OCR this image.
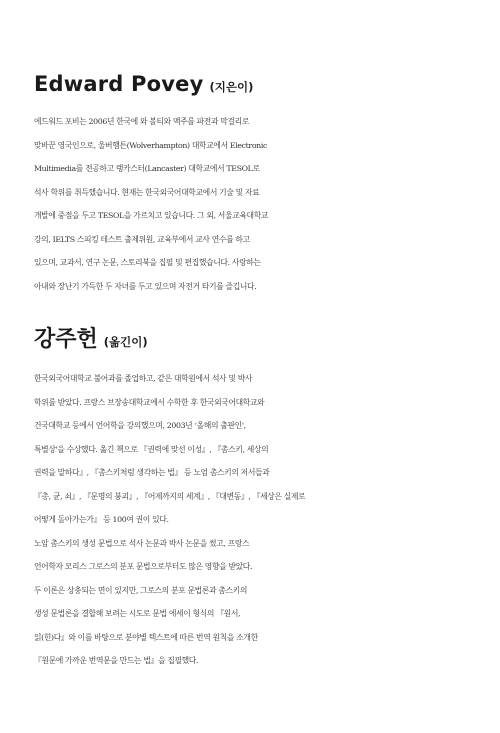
Edward Povey (지은이)
에드워드 포비는 2006년 한국에 와 볼티와 맥주를 파전과 막걸리로
맞바꾼 영국인으로, 울버햄튼(Wolverhampton) 대학교에서 Electronic
Multimedia를 전공하고 랭카스터(Lancaster) 대학교에서 TESOL로
석사 학위를 취득했습니다. 현재는 한국외국어대학교에서 기술 및 자료
개발에 중점을 두고 TESOL을 가르치고 있습니다. 그 외, 서울교육대학교
강의, IELTS 스피킹 테스트 출제위원, 교육부에서 교사 연수를 하고
있으며, 교과서, 연구 논문, 스토리북을 집필 및 편집했습니다. 사랑하는
아내와 장난기 가득한 두 자녀를 두고 있으며 자전거 타기를 즐깁니다.
강주헌 (옮긴이)
한국외국어대학교 불어과를 졸업하고, 같은 대학원에서 석사 및 박사
학위를 받았다. 프랑스 브장송대학교에서 수학한 후 한국외국어대학교와
건국대학교 등에서 언어학을 강의했으며, 2003년 ‘올해의 출판인',
특별상'을 수상했다. 옮긴 책으로 『권력에 맞선 이성』, 『촘스키, 세상의
권력을 말하다』, 『촘스키처럼 생각하는 법』 등 노엄 촘스키의 저서들과
『총, 균, 쇠』, 『문명의 붕괴』, 『어제까지의 세계』, 『대변동』, 『세상은 실제로
어떻게 돌아가는가』 등 100여 권이 있다.
노암 촘스키의 생성 문법으로 석사 논문과 박사 논문을 썼고, 프랑스
언어학자 모리스 그로스의 분포 문법으로부터도 많은 영향을 받았다.
두 이론은 상충되는 면이 있지만, 그로스의 분포 문법론과 촘스키의
생성 문법론을 결합해 보려는 시도로 문법 에세이 형식의 『원서,
읽(힌)다』와 이를 바탕으로 분야별 텍스트에 따른 번역 원칙을 소개한
『원문에 가까운 번역문을 만드는 법』을 집필했다.
